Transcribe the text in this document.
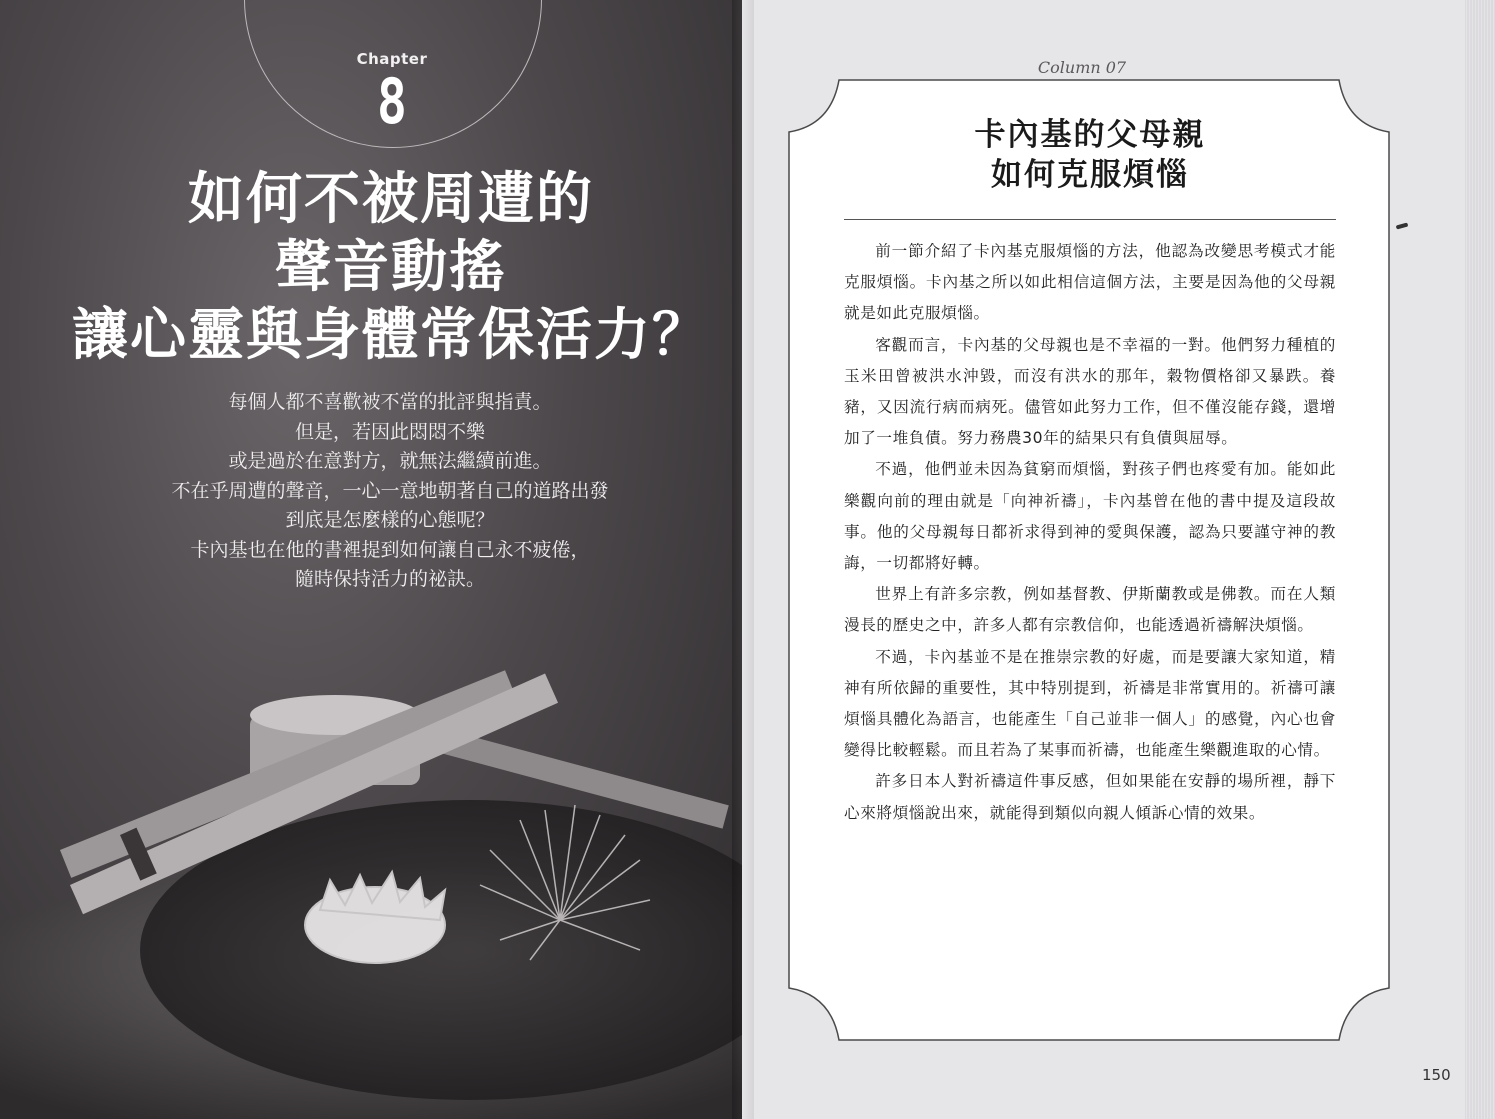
Chapter
8
如何不被周遭的
聲音動搖
讓心靈與身體常保活力？
每個人都不喜歡被不當的批評與指責。
但是，若因此悶悶不樂
或是過於在意對方，就無法繼續前進。
不在乎周遭的聲音，一心一意地朝著自己的道路出發
到底是怎麼樣的心態呢？
卡內基也在他的書裡提到如何讓自己永不疲倦，
隨時保持活力的祕訣。
Column 07
卡內基的父母親
如何克服煩惱

前一節介紹了卡內基克服煩惱的方法，他認為改變思考模式才能克服煩惱。卡內基之所以如此相信這個方法，主要是因為他的父母親就是如此克服煩惱。

客觀而言，卡內基的父母親也是不幸福的一對。他們努力種植的玉米田曾被洪水沖毀，而沒有洪水的那年，穀物價格卻又暴跌。養豬，又因流行病而病死。儘管如此努力工作，但不僅沒能存錢，還增加了一堆負債。努力務農30年的結果只有負債與屈辱。

不過，他們並未因為貧窮而煩惱，對孩子們也疼愛有加。能如此樂觀向前的理由就是「向神祈禱」，卡內基曾在他的書中提及這段故事。他的父母親每日都祈求得到神的愛與保護，認為只要謹守神的教誨，一切都將好轉。

世界上有許多宗教，例如基督教、伊斯蘭教或是佛教。而在人類漫長的歷史之中，許多人都有宗教信仰，也能透過祈禱解決煩惱。

不過，卡內基並不是在推崇宗教的好處，而是要讓大家知道，精神有所依歸的重要性，其中特別提到，祈禱是非常實用的。祈禱可讓煩惱具體化為語言，也能產生「自己並非一個人」的感覺，內心也會變得比較輕鬆。而且若為了某事而祈禱，也能產生樂觀進取的心情。

許多日本人對祈禱這件事反感，但如果能在安靜的場所裡，靜下心來將煩惱說出來，就能得到類似向親人傾訴心情的效果。

150
